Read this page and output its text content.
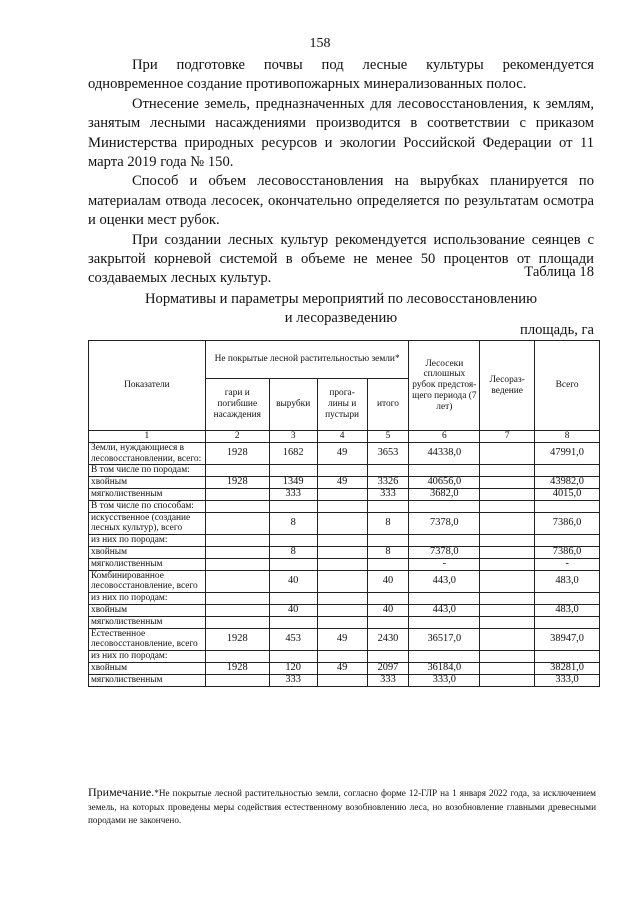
158

При подготовке почвы под лесные культуры рекомендуется одновременное создание противопожарных минерализованных полос.

Отнесение земель, предназначенных для лесовосстановления, к землям, занятым лесными насаждениями производится в соответствии с приказом Министерства природных ресурсов и экологии Российской Федерации от 11 марта 2019 года № 150.

Способ и объем лесовосстановления на вырубках планируется по материалам отвода лесосек, окончательно определяется по результатам осмотра и оценки мест рубок.

При создании лесных культур рекомендуется использование сеянцев с закрытой корневой системой в объеме не менее 50 процентов от площади создаваемых лесных культур.	Таблица 18
Нормативы и параметры мероприятий по лесовосстановлению
и лесоразведению
площадь, га
Показатели	Не покрытые лесной растительностью земли*				Лесосеки сплошных рубок предстоя-щего периода (7 лет)	Лесораз-ведение	Всего
	гари и погибшие насаждения	вырубки	прога-лины и пустыри	итого			
1	2	3	4	5	6	7	8
Земли, нуждающиеся в лесовосстановлении, всего:	1928	1682	49	3653	44338,0		47991,0
В том числе по породам:							
хвойным	1928	1349	49	3326	40656,0		43982,0
мягколиственным		333		333	3682,0		4015,0
В том числе по способам:							
искусственное (создание лесных культур), всего		8		8	7378,0		7386,0
из них по породам:							
хвойным		8		8	7378,0		7386,0
мягколиственным					-		-
Комбинированное лесовосстановление, всего		40		40	443,0		483,0
из них по породам:							
хвойным		40		40	443,0		483,0
мягколиственным							
Естественное лесовосстановление, всего	1928	453	49	2430	36517,0		38947,0
из них по породам:							
хвойным	1928	120	49	2097	36184,0		38281,0
мягколиственным		333		333	333,0		333,0
Примечание.*Не покрытые лесной растительностью земли, согласно форме 12-ГЛР на 1 января 2022 года, за исключением земель, на которых проведены меры содействия естественному возобновлению леса, но возобновление главными древесными породами не закончено.
